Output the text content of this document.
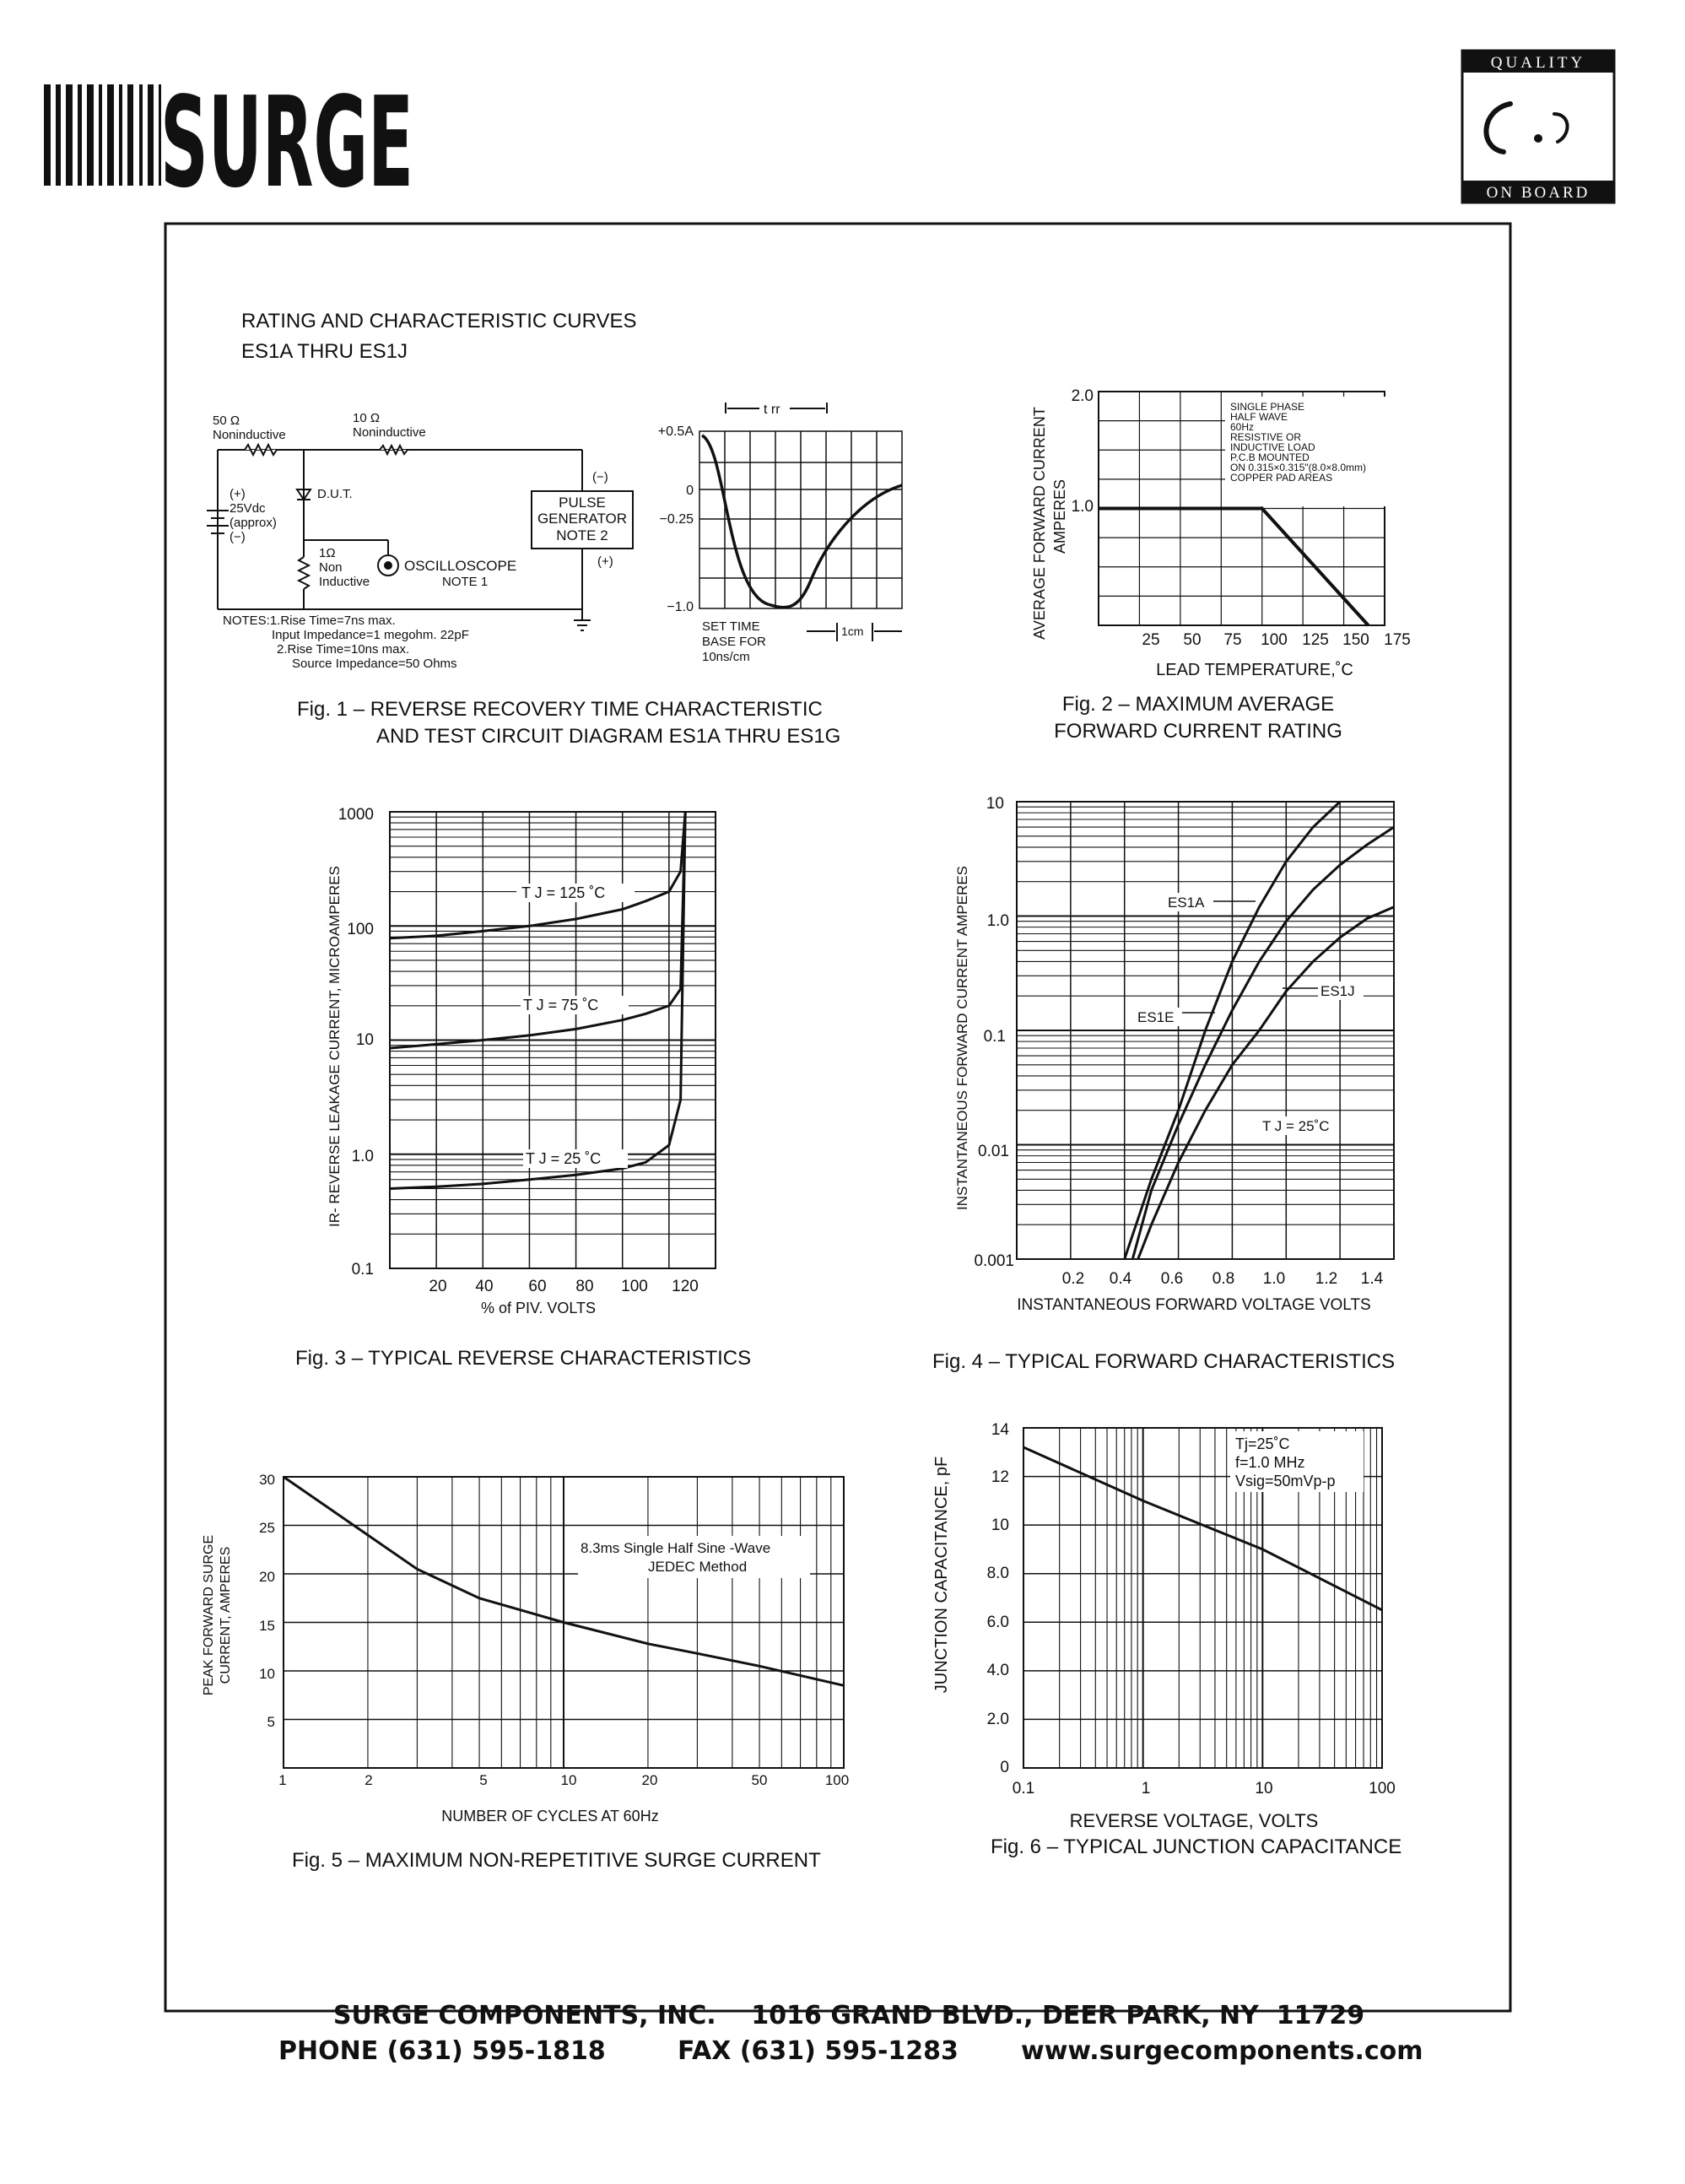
SURGE
QUALITY
ON BOARD
RATING AND CHARACTERISTIC CURVES
ES1A THRU ES1J
50 Ω
Noninductive
10 Ω
Noninductive
D.U.T.
(+)
25Vdc
(approx)
(−)
1Ω
Non
Inductive
OSCILLOSCOPE
NOTE 1
PULSE
GENERATOR
NOTE 2
(−)
(+)
NOTES:1.Rise Time=7ns max.
Input Impedance=1 megohm. 22pF
2.Rise Time=10ns max.
Source Impedance=50 Ohms
t rr
+0.5A
0
−0.25
−1.0
SET TIME
BASE FOR
10ns/cm
1cm
Fig. 1 – REVERSE RECOVERY TIME CHARACTERISTIC
AND TEST CIRCUIT DIAGRAM ES1A THRU ES1G
2.0
1.0
25 50 75 100 125 150 175
LEAD TEMPERATURE,˚C
AVERAGE FORWARD CURRENT AMPERES
SINGLE PHASE
HALF WAVE
60Hz
RESISTIVE OR
INDUCTIVE LOAD
P.C.B MOUNTED
ON 0.315×0.315"(8.0×8.0mm)
COPPER PAD AREAS
Fig. 2 – MAXIMUM AVERAGE
FORWARD CURRENT RATING
1000
100
10
1.0
0.1
20 40 60 80 100 120
% of PIV. VOLTS
IR- REVERSE LEAKAGE CURRENT, MICROAMPERES	T J = 125 ˚C
T J = 75 ˚C
T J = 25 ˚C
Fig. 3 – TYPICAL REVERSE CHARACTERISTICS
10
1.0
0.1
0.01
0.001
0.2 0.4 0.6 0.8 1.0 1.2 1.4
INSTANTANEOUS FORWARD VOLTAGE VOLTS
INSTANTANEOUS FORWARD CURRENT AMPERES	ES1A
ES1E
ES1J
T J = 25˚C
Fig. 4 – TYPICAL FORWARD CHARACTERISTICS
30
25
20
15
10
5
1	2	5	10	20	50	100
NUMBER OF CYCLES AT 60Hz
PEAK FORWARD SURGE CURRENT, AMPERES	8.3ms Single Half Sine -Wave
JEDEC Method
Fig. 5 – MAXIMUM NON-REPETITIVE SURGE CURRENT
14
12
10
8.0
6.0
4.0
2.0
0
0.1	1	10	100
REVERSE VOLTAGE, VOLTS
JUNCTION CAPACITANCE, pF
Tj=25˚C
f=1.0 MHz
Vsig=50mVp-p
Fig. 6 – TYPICAL JUNCTION CAPACITANCE
SURGE COMPONENTS, INC.    1016 GRAND BLVD., DEER PARK, NY  11729
PHONE (631) 595-1818	FAX (631) 595-1283 www.surgecomponents.com
